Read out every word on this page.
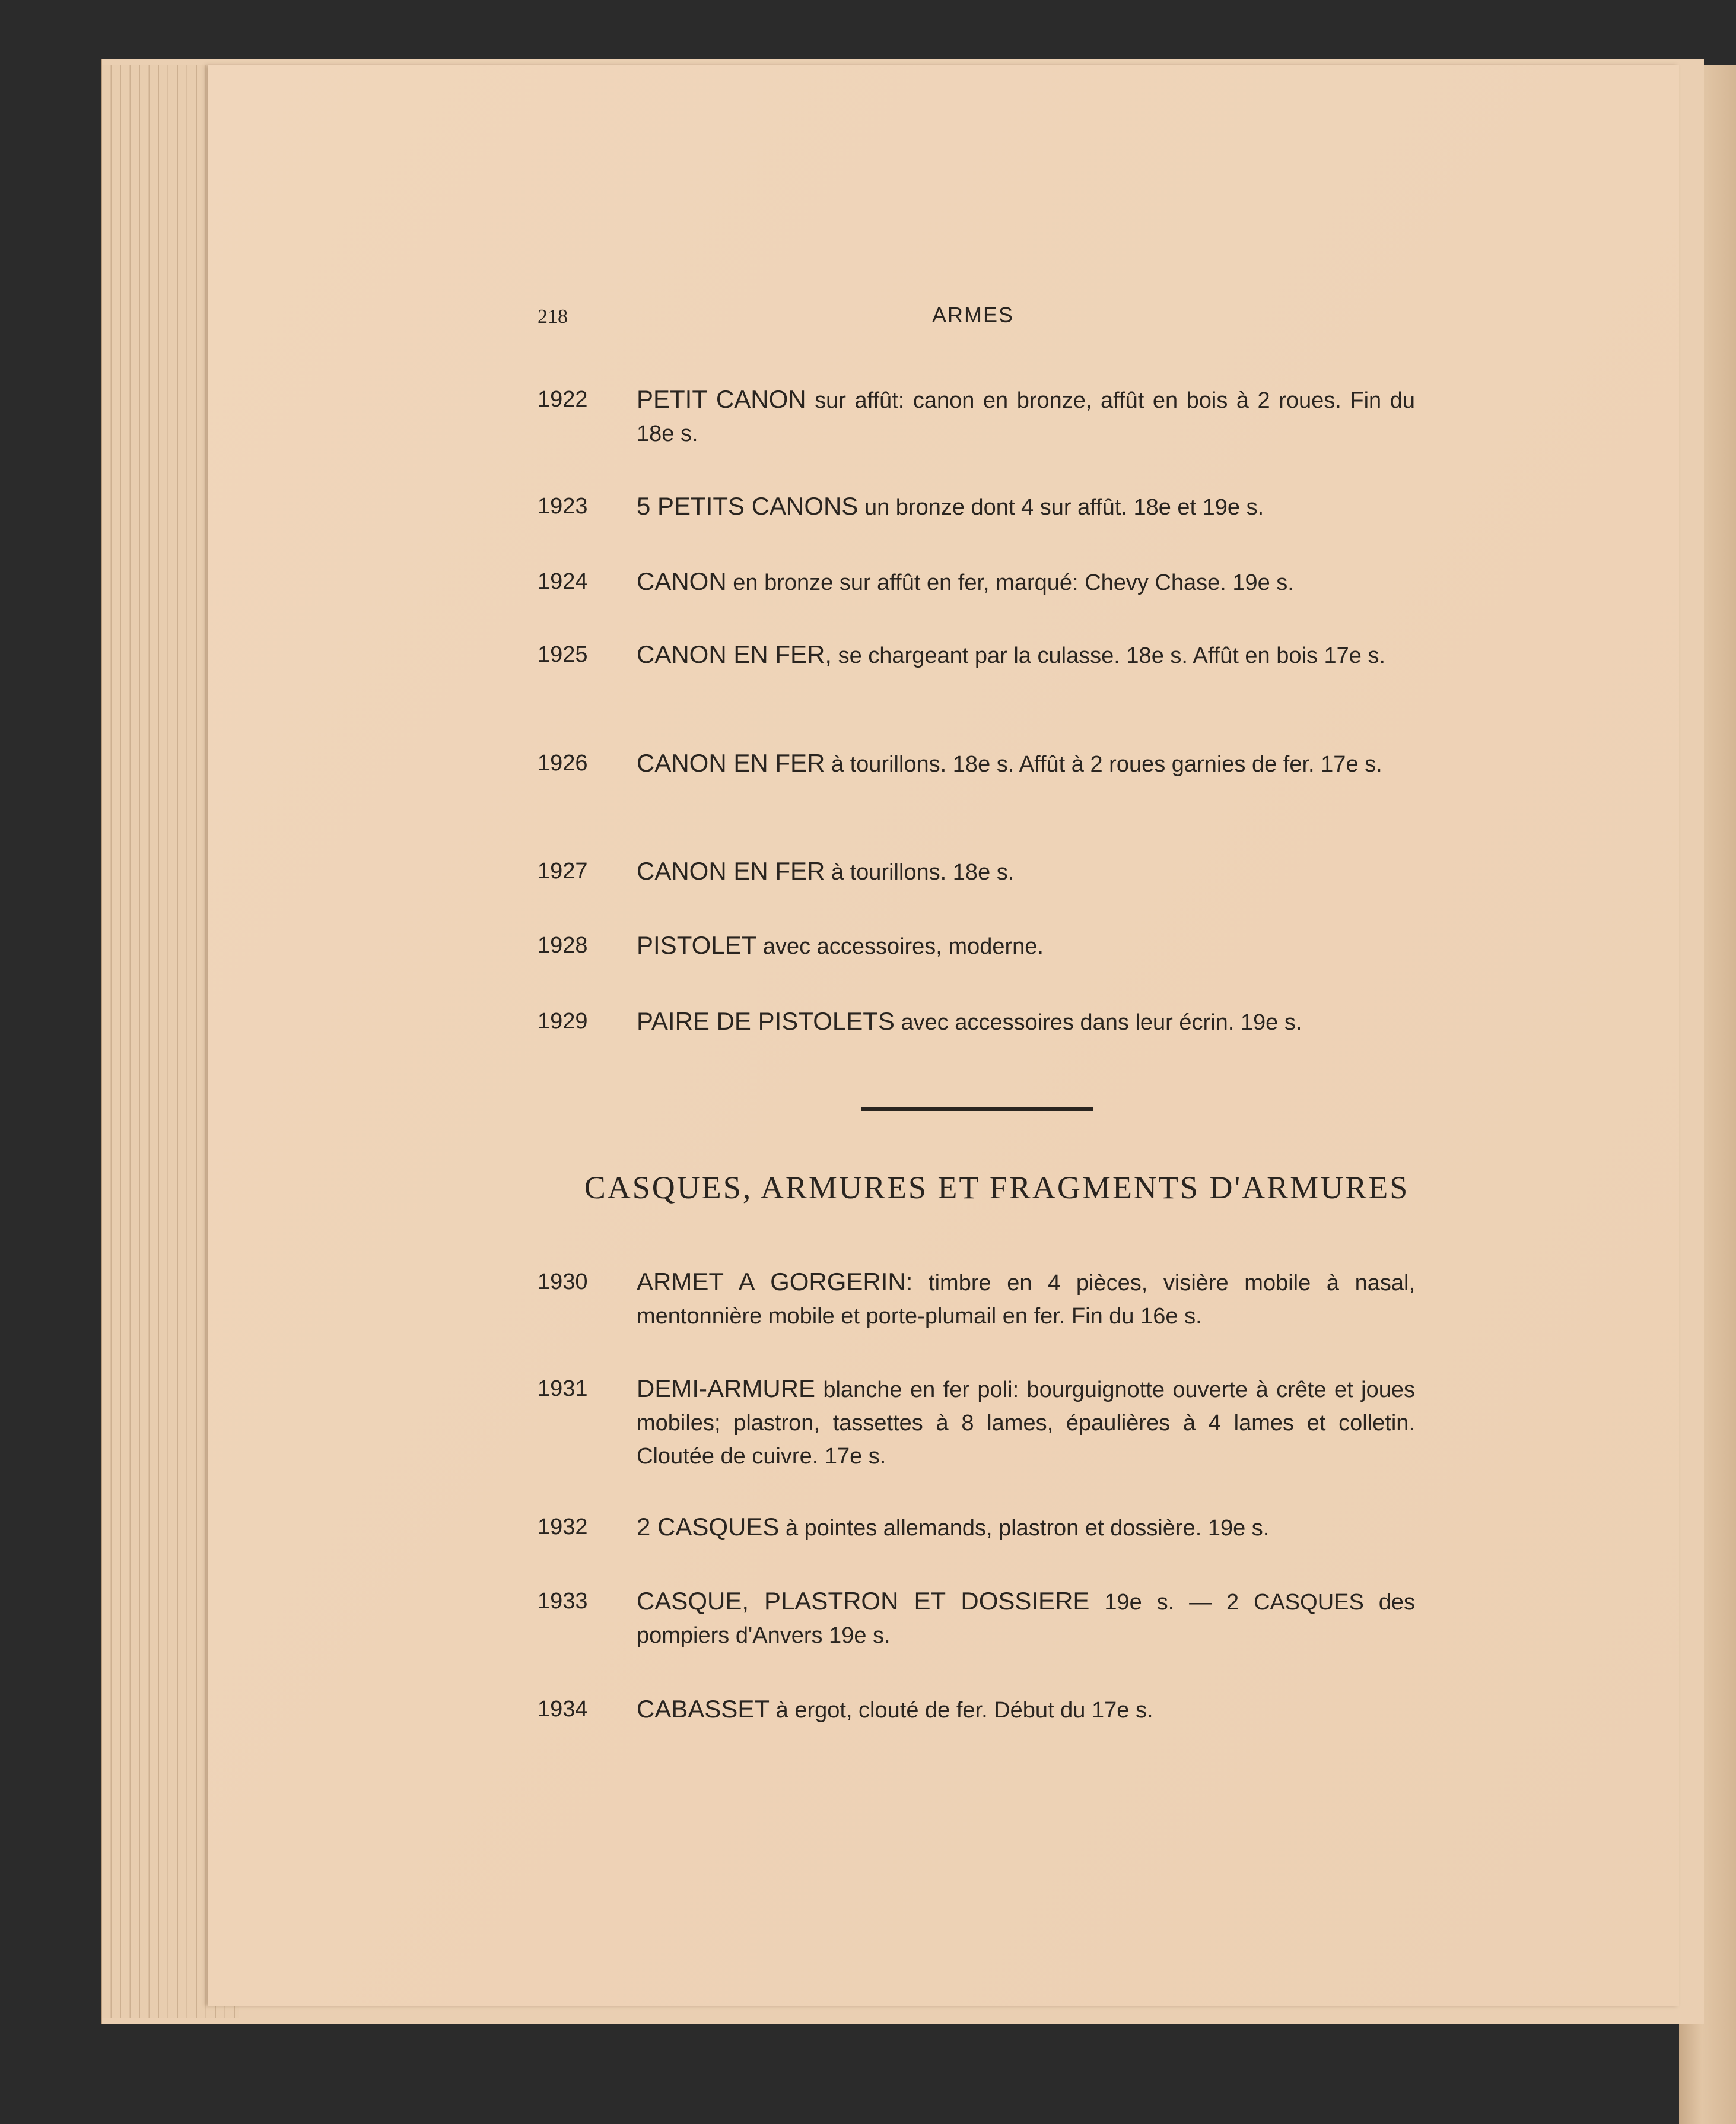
218	ARMES
1922 PETIT CANON sur affût: canon en bronze, affût en bois à 2 roues. Fin du 18e s.
1923 5 PETITS CANONS un bronze dont 4 sur affût. 18e et 19e s.
1924 CANON en bronze sur affût en fer, marqué: Chevy Chase. 19e s.
1925 CANON EN FER, se chargeant par la culasse. 18e s. Affût en bois 17e s.
1926 CANON EN FER à tourillons. 18e s. Affût à 2 roues garnies de fer. 17e s.
1927 CANON EN FER à tourillons. 18e s.
1928 PISTOLET avec accessoires, moderne.
1929 PAIRE DE PISTOLETS avec accessoires dans leur écrin. 19e s.
CASQUES, ARMURES ET FRAGMENTS D'ARMURES
1930 ARMET A GORGERIN: timbre en 4 pièces, visière mobile à nasal, mentonnière mobile et porte-plumail en fer. Fin du 16e s.
1931 DEMI-ARMURE blanche en fer poli: bourguignotte ouverte à crête et joues mobiles; plastron, tassettes à 8 lames, épaulières à 4 lames et colletin. Cloutée de cuivre. 17e s.
1932 2 CASQUES à pointes allemands, plastron et dossière. 19e s.
1933 CASQUE, PLASTRON ET DOSSIERE 19e s. — 2 CASQUES des pompiers d'Anvers 19e s.
1934 CABASSET à ergot, clouté de fer. Début du 17e s.
